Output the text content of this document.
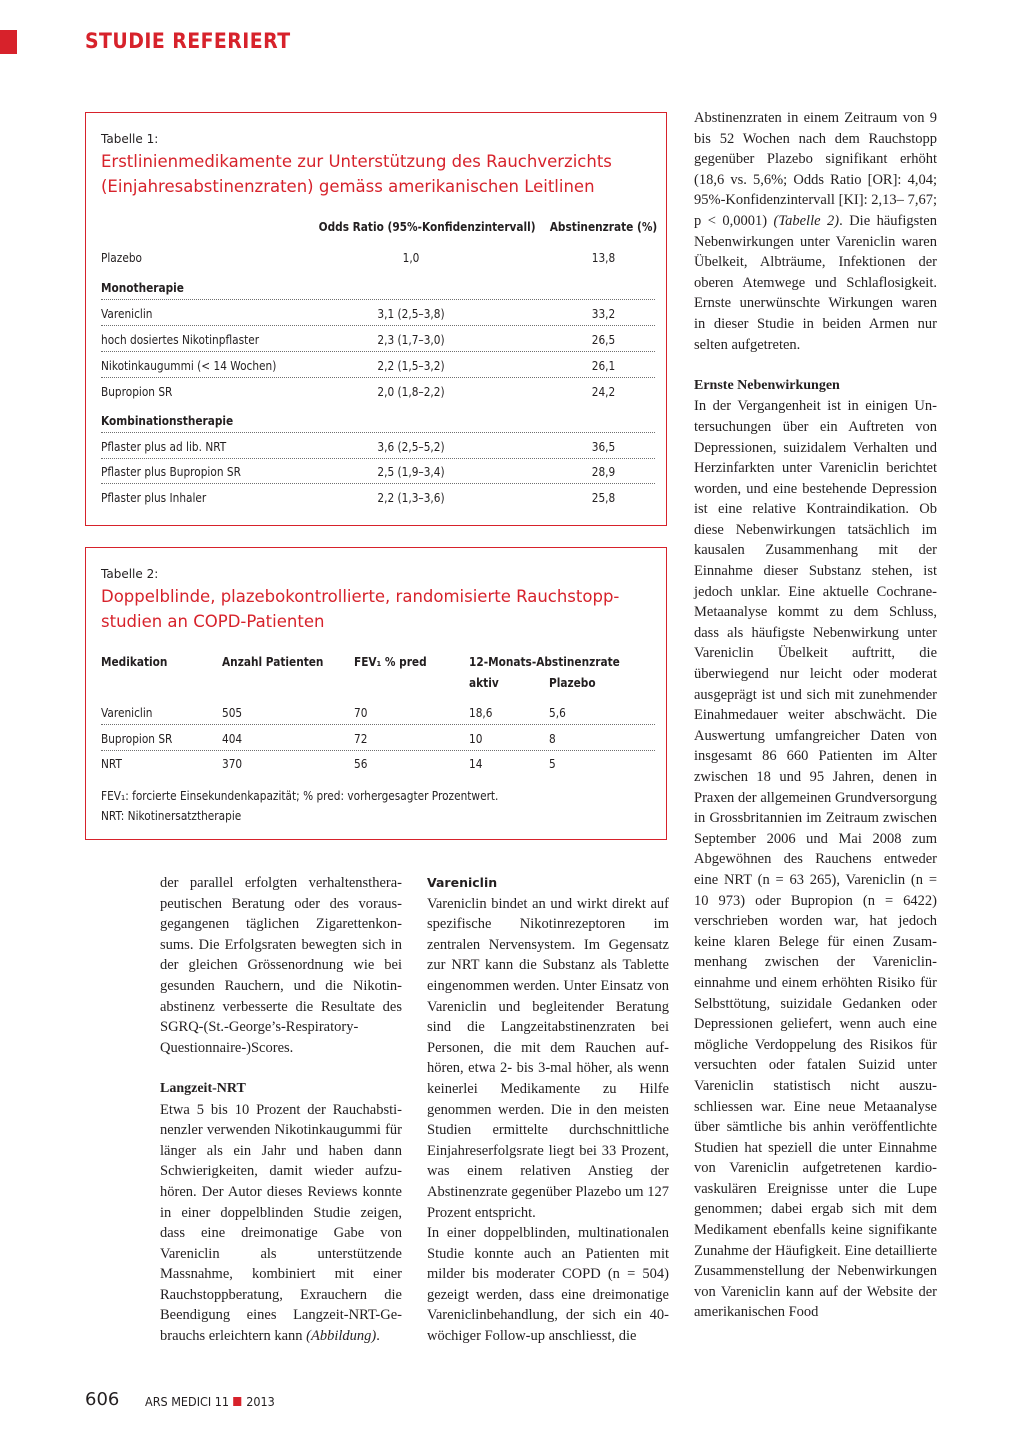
STUDIE REFERIERT
Tabelle 1:
Erstlinienmedikamente zur Unterstützung des Rauchverzichts
(Einjahresabstinenzraten) gemäss amerikanischen Leitlinen
Odds Ratio (95%-Konfidenzintervall) Abstinenzrate (%)
Plazebo	1,0	13,8
Monotherapie
Vareniclin	3,1 (2,5–3,8)	33,2
hoch dosiertes Nikotinpflaster	2,3 (1,7–3,0)	26,5
Nikotinkaugummi (< 14 Wochen)	2,2 (1,5–3,2)	26,1
Bupropion SR	2,0 (1,8–2,2)	24,2
Kombinationstherapie
Pflaster plus ad lib. NRT	3,6 (2,5–5,2)	36,5
Pflaster plus Bupropion SR	2,5 (1,9–3,4)	28,9
Pflaster plus Inhaler	2,2 (1,3–3,6)	25,8
Tabelle 2:
Doppelblinde, plazebokontrollierte, randomisierte Rauchstopp-
studien an COPD-Patienten
Medikation	Anzahl Patienten	FEV₁ % pred	12-Monats-Abstinenzrate
aktiv	Plazebo
Vareniclin	505	70	18,6	5,6
Bupropion SR	404	72	10	8
NRT	370	56	14	5
FEV₁: forcierte Einsekundenkapazität; % pred: vorhergesagter Prozentwert.
NRT: Nikotinersatztherapie

der parallel erfolgten verhaltenstherapeutischen Beratung oder des vorausgegangenen täglichen Zigarettenkonsums. Die Erfolgsraten bewegten sich in der gleichen Grössenordnung wie bei gesunden Rauchern, und die Nikotinabstinenz verbesserte die Resultate des SGRQ-(St.-George’s-Respiratory-Questionnaire-)Scores.

Langzeit-NRT

Etwa 5 bis 10 Prozent der Rauchabstinenzler verwenden Nikotinkaugummi für länger als ein Jahr und haben dann Schwierigkeiten, damit wieder aufzuhören. Der Autor dieses Reviews konnte in einer doppelblinden Studie zeigen, dass eine dreimonatige Gabe von Vareniclin als unterstützende Massnahme, kombiniert mit einer Rauchstoppberatung, Exrauchern die Beendigung eines Langzeit-NRT-Gebrauchs erleichtern kann (Abbildung).

Vareniclin

Vareniclin bindet an und wirkt direkt auf spezifische Nikotinrezeptoren im zentralen Nervensystem. Im Gegensatz zur NRT kann die Substanz als Tablette eingenommen werden. Unter Einsatz von Vareniclin und begleitender Beratung sind die Langzeitabstinenzraten bei Personen, die mit dem Rauchen aufhören, etwa 2- bis 3-mal höher, als wenn keinerlei Medikamente zu Hilfe genommen werden. Die in den meisten Studien ermittelte durchschnittliche Einjahreserfolgsrate liegt bei 33 Prozent, was einem relativen Anstieg der Abstinenzrate gegenüber Plazebo um 127 Prozent entspricht.

In einer doppelblinden, multinationalen Studie konnte auch an Patienten mit milder bis moderater COPD (n = 504) gezeigt werden, dass eine dreimonatige Vareniclinbehandlung, der sich ein 40-wöchiger Follow-up anschliesst, die

Abstinenzraten in einem Zeitraum von 9 bis 52 Wochen nach dem Rauchstopp gegenüber Plazebo signifikant erhöht (18,6 vs. 5,6%; Odds Ratio [OR]: 4,04; 95%-Konfidenzintervall [KI]: 2,13– 7,67; p < 0,0001) (Tabelle 2). Die häufigsten Nebenwirkungen unter Vareniclin waren Übelkeit, Albträume, Infektionen der oberen Atemwege und Schlaflosigkeit. Ernste unerwünschte Wirkungen waren in dieser Studie in beiden Armen nur selten aufgetreten.

Ernste Nebenwirkungen

In der Vergangenheit ist in einigen Untersuchungen über ein Auftreten von Depressionen, suizidalem Verhalten und Herzinfarkten unter Vareniclin berichtet worden, und eine bestehende Depression ist eine relative Kontraindikation. Ob diese Nebenwirkungen tatsächlich im kausalen Zusammenhang mit der Einnahme dieser Substanz stehen, ist jedoch unklar. Eine aktuelle Cochrane-Metaanalyse kommt zu dem Schluss, dass als häufigste Nebenwirkung unter Vareniclin Übelkeit auftritt, die überwiegend nur leicht oder moderat ausgeprägt ist und sich mit zunehmender Einahmedauer weiter abschwächt. Die Auswertung umfangreicher Daten von insgesamt 86 660 Patienten im Alter zwischen 18 und 95 Jahren, denen in Praxen der allgemeinen Grundversorgung in Grossbritannien im Zeitraum zwischen September 2006 und Mai 2008 zum Abgewöhnen des Rauchens entweder eine NRT (n = 63 265), Vareniclin (n = 10 973) oder Bupropion (n = 6422) verschrieben worden war, hat jedoch keine klaren Belege für einen Zusammenhang zwischen der Vareniclineinnahme und einem erhöhten Risiko für Selbsttötung, suizidale Gedanken oder Depressionen geliefert, wenn auch eine mögliche Verdoppelung des Risikos für versuchten oder fatalen Suizid unter Vareniclin statistisch nicht auszuschliessen war. Eine neue Metaanalyse über sämtliche bis anhin veröffentlichte Studien hat speziell die unter Einnahme von Vareniclin aufgetretenen kardiovaskulären Ereignisse unter die Lupe genommen; dabei ergab sich mit dem Medikament ebenfalls keine signifikante Zunahme der Häufigkeit. Eine detaillierte Zusammenstellung der Nebenwirkungen von Vareniclin kann auf der Website der amerikanischen Food

606 ARS MEDICI 11 2013
